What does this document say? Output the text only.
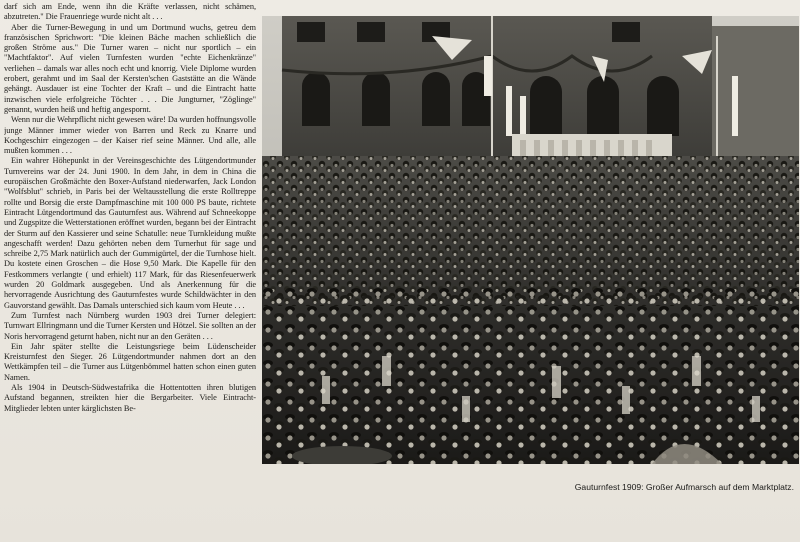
darf sich am Ende, wenn ihn die Kräfte verlassen, nicht schämen, abzutreten." Die Frauenriege wurde nicht alt . . .

Aber die Turner-Bewegung in und um Dortmund wuchs, getreu dem französischen Sprichwort: "Die kleinen Bäche machen schließlich die großen Ströme aus." Die Turner waren – nicht nur sportlich – ein "Machtfaktor". Auf vielen Turnfesten wurden "echte Eichenkränze" verliehen – damals war alles noch echt und knorrig. Viele Diplome wurden erobert, gerahmt und im Saal der Kersten'schen Gaststätte an die Wände gehängt. Ausdauer ist eine Tochter der Kraft – und die Eintracht hatte inzwischen viele erfolgreiche Töchter . . . Die Jungturner, "Zöglinge" genannt, wurden heiß und heftig angespornt.

Wenn nur die Wehrpflicht nicht gewesen wäre! Da wurden hoffnungsvolle junge Männer immer wieder von Barren und Reck zu Knarre und Kochgeschirr eingezogen – der Kaiser rief seine Männer. Und alle, alle mußten kommen . . .

Ein wahrer Höhepunkt in der Vereinsgeschichte des Lütgendortmunder Turnvereins war der 24. Juni 1900. In dem Jahr, in dem in China die europäischen Großmächte den Boxer-Aufstand niederwarfen, Jack London "Wolfsblut" schrieb, in Paris bei der Weltausstellung die erste Rolltreppe rollte und Borsig die erste Dampfmaschine mit 100 000 PS baute, richtete Eintracht Lütgendortmund das Gauturnfest aus. Während auf Schneekoppe und Zugspitze die Wetterstationen eröffnet wurden, begann bei der Eintracht der Sturm auf den Kassierer und seine Schatulle: neue Turnkleidung mußte angeschafft werden! Dazu gehörten neben dem Turnerhut für sage und schreibe 2,75 Mark natürlich auch der Gummigürtel, der die Turnhose hielt. Du kostete einen Groschen – die Hose 9,50 Mark. Die Kapelle für den Festkommers verlangte ( und erhielt) 117 Mark, für das Riesenfeuerwerk wurden 20 Goldmark ausgegeben. Und als Anerkennung für die hervorragende Ausrichtung des Gauturnfestes wurde Schildwächter in den Gauvorstand gewählt. Das Damals unterschied sich kaum vom Heute . . .

Zum Turnfest nach Nürnberg wurden 1903 drei Turner delegiert: Turnwart Ellringmann und die Turner Kersten und Hötzel. Sie sollten an der Noris hervorragend geturnt haben, nicht nur an den Geräten . . .

Ein Jahr später stellte die Leistungsriege beim Lüdenscheider Kreisturnfest den Sieger. 26 Lütgendortmunder nahmen dort an den Wettkämpfen teil – die Turner aus Lütgenbömmel hatten schon einen guten Namen.

Als 1904 in Deutsch-Südwestafrika die Hottentotten ihren blutigen Aufstand begannen, streikten hier die Bergarbeiter. Viele Eintracht-Mitglieder lebten unter kärglichsten Be-

Gauturnfest 1909: Großer Aufmarsch auf dem Marktplatz.
